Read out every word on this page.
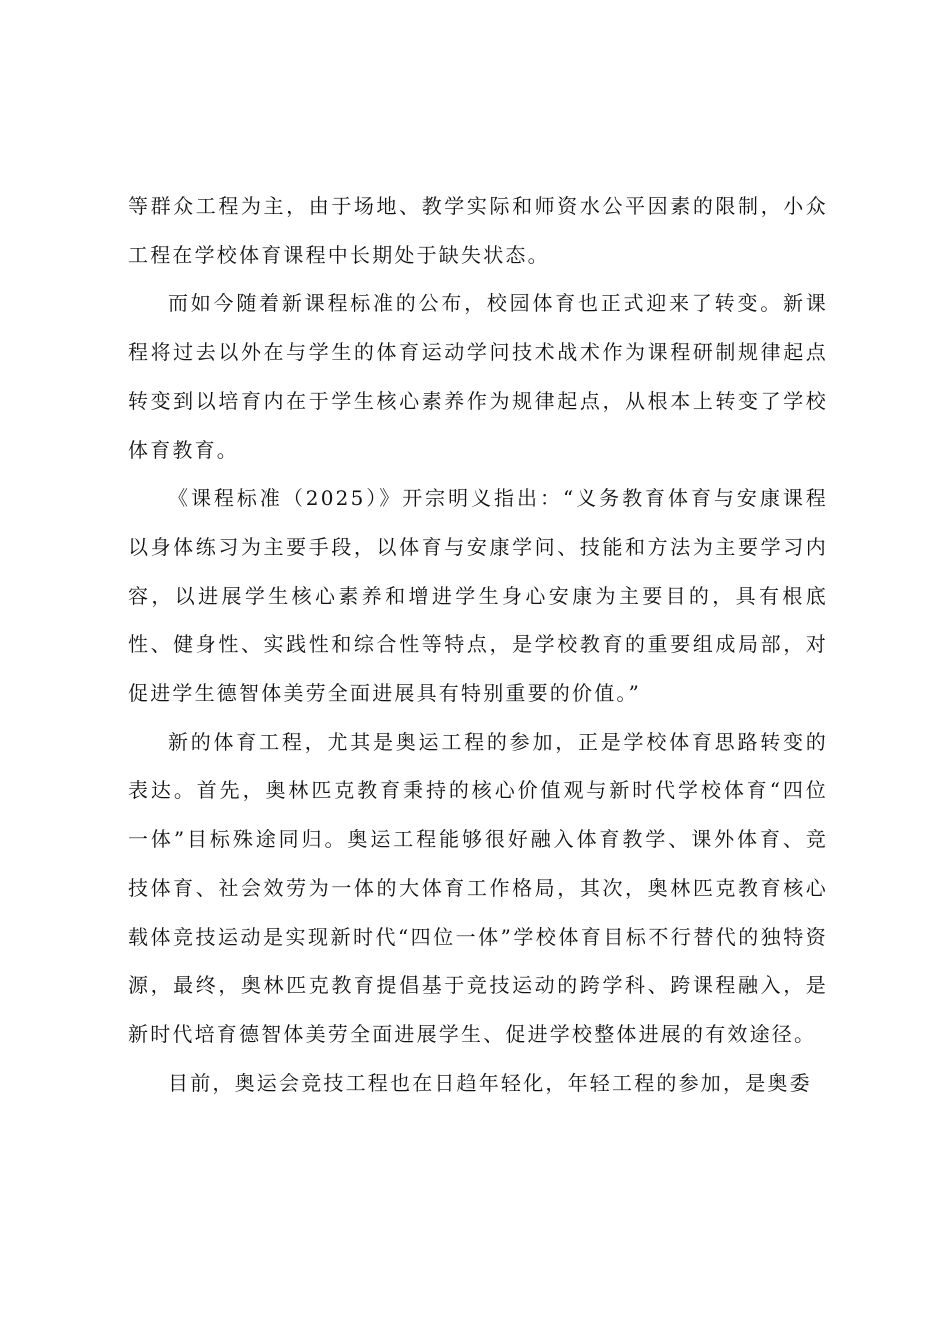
等群众工程为主，由于场地、教学实际和师资水公平因素的限制，小众工程在学校体育课程中长期处于缺失状态。

而如今随着新课程标准的公布，校园体育也正式迎来了转变。新课程将过去以外在与学生的体育运动学问技术战术作为课程研制规律起点转变到以培育内在于学生核心素养作为规律起点，从根本上转变了学校体育教育。

《课程标准（2025）》开宗明义指出：“义务教育体育与安康课程以身体练习为主要手段，以体育与安康学问、技能和方法为主要学习内容，以进展学生核心素养和增进学生身心安康为主要目的，具有根底性、健身性、实践性和综合性等特点，是学校教育的重要组成局部，对促进学生德智体美劳全面进展具有特别重要的价值。”

新的体育工程，尤其是奥运工程的参加，正是学校体育思路转变的表达。首先，奥林匹克教育秉持的核心价值观与新时代学校体育“四位一体”目标殊途同归。奥运工程能够很好融入体育教学、课外体育、竞技体育、社会效劳为一体的大体育工作格局，其次，奥林匹克教育核心载体竞技运动是实现新时代“四位一体”学校体育目标不行替代的独特资源，最终，奥林匹克教育提倡基于竞技运动的跨学科、跨课程融入，是新时代培育德智体美劳全面进展学生、促进学校整体进展的有效途径。

目前，奥运会竞技工程也在日趋年轻化，年轻工程的参加，是奥委
